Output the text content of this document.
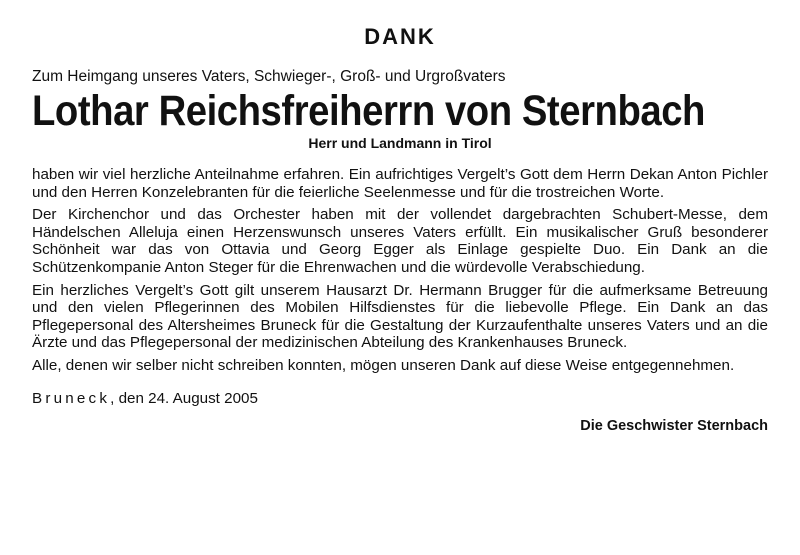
DANK
Zum Heimgang unseres Vaters, Schwieger-, Groß- und Urgroßvaters
Lothar Reichsfreiherrn von Sternbach
Herr und Landmann in Tirol

haben wir viel herzliche Anteilnahme erfahren. Ein aufrichtiges Vergelt’s Gott dem Herrn Dekan Anton Pichler und den Herren Konzelebranten für die feierliche Seelenmesse und für die trostreichen Worte.

Der Kirchenchor und das Orchester haben mit der vollendet dargebrachten Schubert-Messe, dem Händelschen Alleluja einen Herzenswunsch unseres Vaters erfüllt. Ein musikalischer Gruß besonderer Schönheit war das von Ottavia und Georg Egger als Einlage gespielte Duo. Ein Dank an die Schützenkompanie Anton Steger für die Ehrenwachen und die würdevolle Verabschiedung.

Ein herzliches Vergelt’s Gott gilt unserem Hausarzt Dr. Hermann Brugger für die aufmerksame Betreuung und den vielen Pflegerinnen des Mobilen Hilfsdienstes für die liebevolle Pflege. Ein Dank an das Pflegepersonal des Altersheimes Bruneck für die Gestaltung der Kurzaufenthalte unseres Vaters und an die Ärzte und das Pflegepersonal der medizinischen Abteilung des Krankenhauses Bruneck.

Alle, denen wir selber nicht schreiben konnten, mögen unseren Dank auf diese Weise entgegennehmen.

Bruneck, den 24. August 2005
Die Geschwister Sternbach
